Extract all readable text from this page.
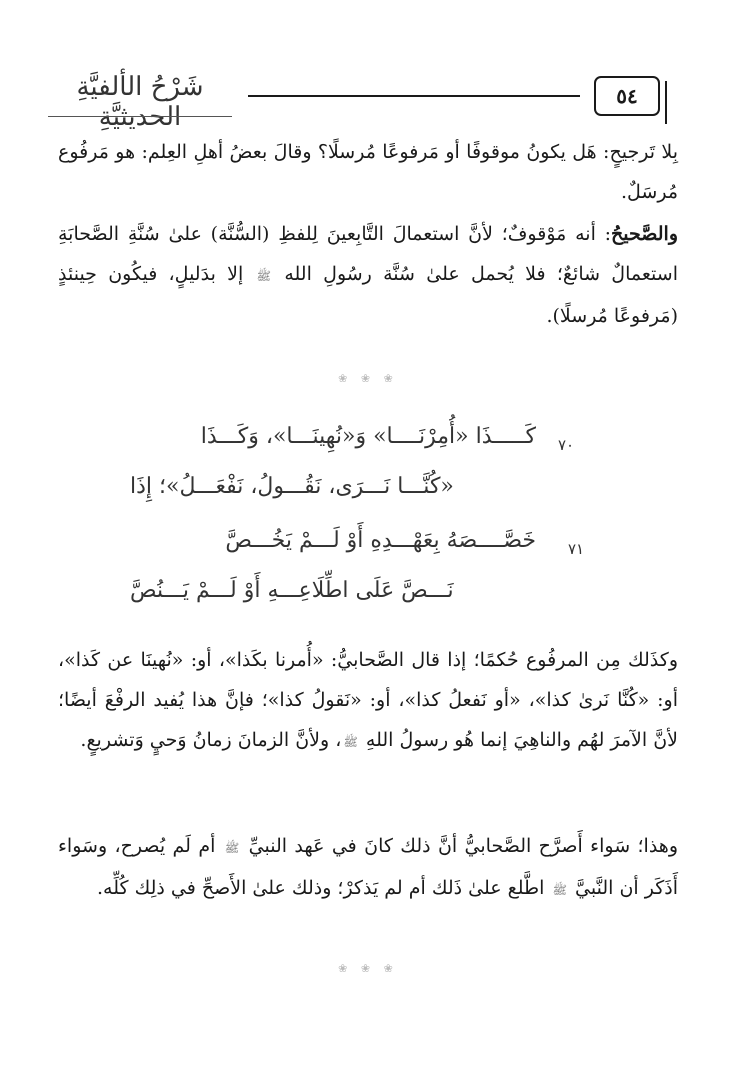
شَرْحُ الألفيَّةِ الحديثيَّةِ
٥٤

بِلا تَرجيحٍ: هَل يكونُ موقوفًا أو مَرفوعًا مُرسلًا؟ وقالَ بعضُ أهلِ العِلم: هو مَرفُوع مُرسَلٌ.

والصَّحيحُ: أنه مَوْقوفٌ؛ لأنَّ استعمالَ التَّابِعينَ لِلفظِ (السُّنَّة) علىٰ سُنَّةِ الصَّحابَةِ استعمالٌ شائعٌ؛ فلا يُحمل علىٰ سُنَّة رسُولِ الله ﷺ إلا بدَليلٍ، فيكُون حِينئذٍ (مَرفوعًا مُرسلًا).

❀ ❀ ❀
٧٠
كَـــــذَا «أُمِرْنَــــا» وَ«نُهِينَـــا»، وَكَـــذَا
«كُنَّـــا نَـــرَى، نَقُـــولُ، نَفْعَـــلُ»؛ إِذَا
٧١
خَصَّــــصَهُ بِعَهْـــدِهِ أَوْ لَـــمْ يَخُـــصَّ
نَـــصَّ عَلَى اطِّلَاعِـــهِ أَوْ لَـــمْ يَـــنُصَّ

وكذَلك مِن المرفُوع حُكمًا؛ إذا قال الصَّحابيُّ: «أُمرنا بكَذا»، أو: «نُهينَا عن كَذا»، أو: «كُنَّا نَرىٰ كذا»، «أو نَفعلُ كذا»، أو: «نَقولُ كذا»؛ فإنَّ هذا يُفيد الرفْعَ أيضًا؛ لأنَّ الآمرَ لهُم والناهِيَ إنما هُو رسولُ اللهِ ﷺ، ولأنَّ الزمانَ زمانُ وَحيٍ وَتشريعٍ.

وهذا؛ سَواء أَصرَّح الصَّحابيُّ أنَّ ذلك كانَ في عَهد النبيِّ ﷺ أم لَم يُصرح، وسَواء أَذَكَر أن النَّبيَّ ﷺ اطَّلع علىٰ ذَلك أم لم يَذكرْ؛ وذلك علىٰ الأَصحِّ في ذلِك كُلِّه.

❀ ❀ ❀
